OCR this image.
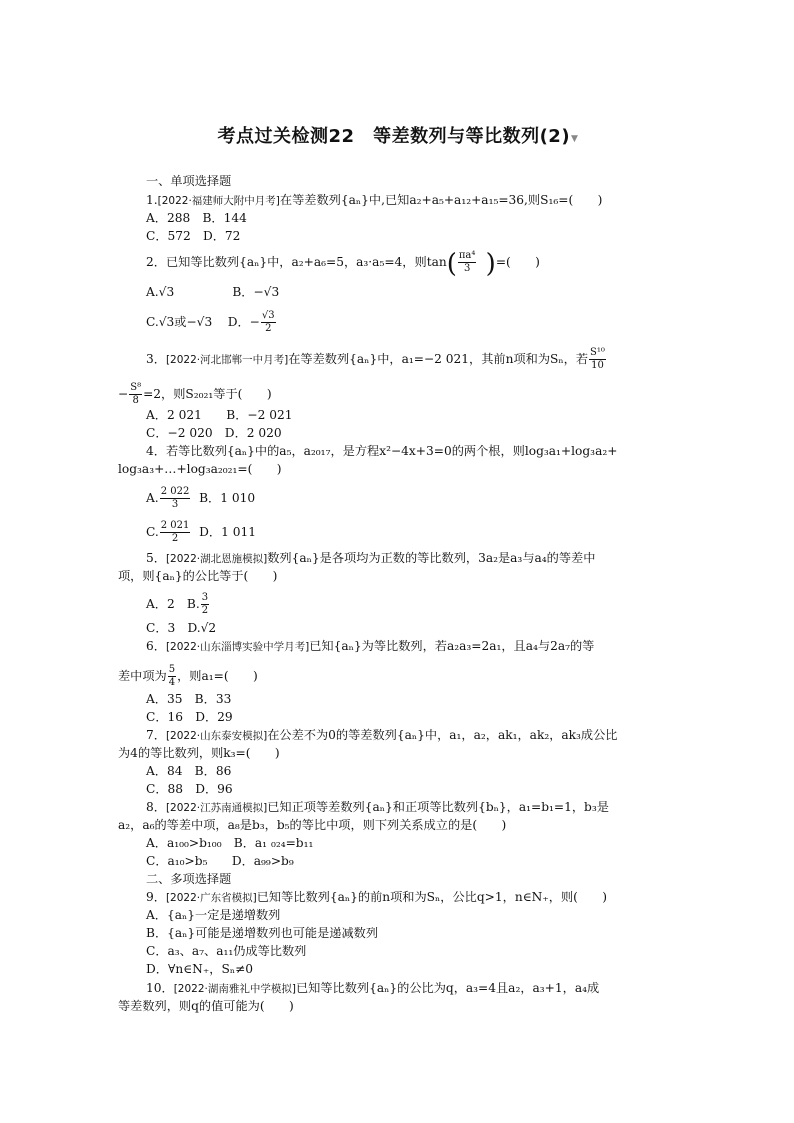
考点过关检测22　等差数列与等比数列(2)▼
一、单项选择题
1.[2022·福建师大附中月考]在等差数列{aₙ}中,已知a₂+a₅+a₁₂+a₁₅=36,则S₁₆=(　　)
A．288　B．144
C．572　D．72
2．已知等比数列{aₙ}中，a₂+a₆=5，a₃·a₅=4，则$\tan( \frac{\text{πa⁴}}{3}$ )=(　　)
A.√3	B．−√3
C.√3或−√3 D．− $\frac{√3}{2}$
3．[2022·河北邯郸一中月考]在等差数列{aₙ}中，a₁=−2 021，其前n项和为Sₙ，若 $\frac{\text{S¹⁰}}{10}$
− $\frac{\text{S⁸}}{8} =2$，则S₂₀₂₁等于(　　)
A．2 021　　B．−2 021
C．−2 020　D．2 020
4．若等比数列{aₙ}中的a₅，a₂₀₁₇，是方程x²−4x+3=0的两个根，则log₃a₁+log₃a₂+
log₃a₃+…+log₃a₂₀₂₁=(　　)
A. $\frac{2 022}{3}$ B．1 010
C. $\frac{2 021}{2}$ D．1 011
5．[2022·湖北恩施模拟]数列{aₙ}是各项均为正数的等比数列，3a₂是a₃与a₄的等差中
项，则{aₙ}的公比等于(　　)
A．2　B. $\frac{3}{2}$
C．3　D.√2
6．[2022·山东淄博实验中学月考]已知{aₙ}为等比数列，若a₂a₃=2a₁，且a₄与2a₇的等
差中项为 $\frac{5}{4}$ ，则a₁=(　　)
A．35　B．33
C．16　D．29
7．[2022·山东泰安模拟]在公差不为0的等差数列{aₙ}中，a₁，a₂，ak₁，ak₂，ak₃成公比
为4的等比数列，则k₃=(　　)
A．84　B．86
C．88　D．96
8．[2022·江苏南通模拟]已知正项等差数列{aₙ}和正项等比数列{bₙ}，a₁=b₁=1，b₃是
a₂，a₆的等差中项，a₈是b₃，b₅的等比中项，则下列关系成立的是(　　)
A．a₁₀₀>b₁₀₀　B．a₁ ₀₂₄=b₁₁
C．a₁₀>b₅　　D．a₉₉>b₉
二、多项选择题
9．[2022·广东省模拟]已知等比数列{aₙ}的前n项和为Sₙ，公比q>1，n∈N₊，则(　　)
A．{aₙ}一定是递增数列
B．{aₙ}可能是递增数列也可能是递减数列
C．a₃、a₇、a₁₁仍成等比数列
D．∀n∈N₊，Sₙ≠0
10．[2022·湖南雅礼中学模拟]已知等比数列{aₙ}的公比为q，a₃=4且a₂，a₃+1，a₄成
等差数列，则q的值可能为(　　)
